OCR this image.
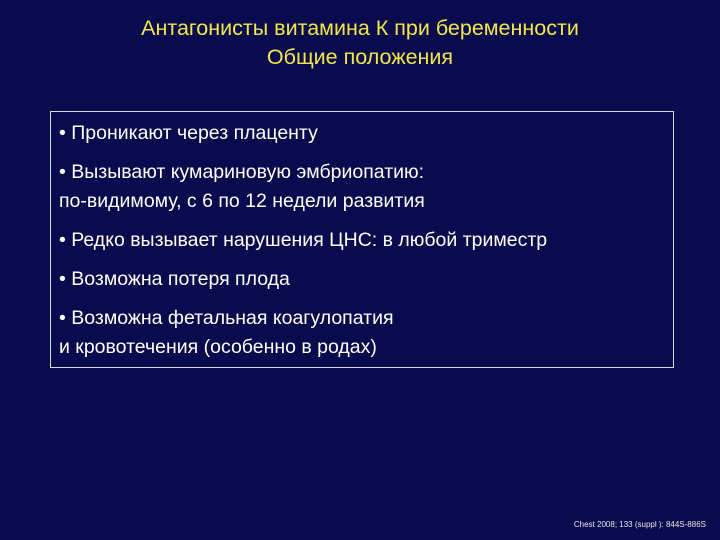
Антагонисты витамина К при беременности
Общие положения
• Проникают через плаценту
• Вызывают кумариновую эмбриопатию:
по-видимому, с 6 по 12 недели развития
• Редко вызывает нарушения ЦНС: в любой триместр
• Возможна потеря плода
• Возможна фетальная коагулопатия
и кровотечения (особенно в родах)
Chest 2008; 133 (suppl ): 844S-886S
